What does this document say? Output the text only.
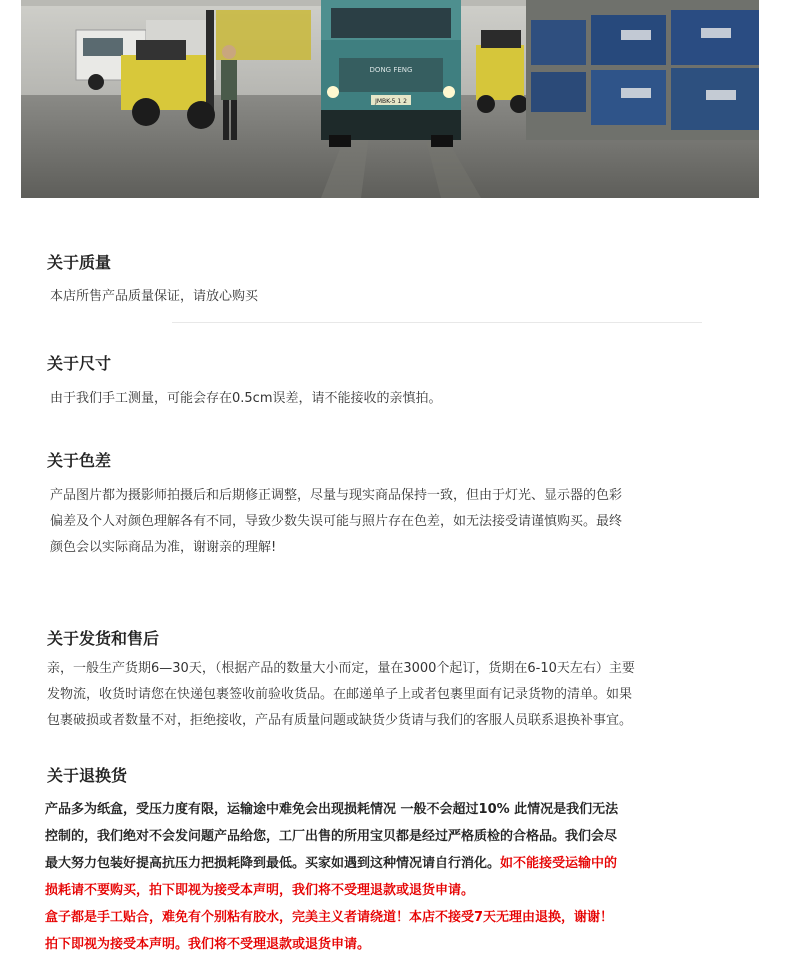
DONG FENG
JMBK-5 1 2
关于质量

本店所售产品质量保证，请放心购买

关于尺寸

由于我们手工测量，可能会存在0.5cm误差，请不能接收的亲慎拍。

关于色差

产品图片都为摄影师拍摄后和后期修正调整，尽量与现实商品保持一致，但由于灯光、显示器的色彩

偏差及个人对颜色理解各有不同，导致少数失误可能与照片存在色差，如无法接受请谨慎购买。最终

颜色会以实际商品为准，谢谢亲的理解!

关于发货和售后

亲，一般生产货期6—30天，（根据产品的数量大小而定，量在3000个起订，货期在6-10天左右）主要

发物流，收货时请您在快递包裹签收前验收货品。在邮递单子上或者包裹里面有记录货物的清单。如果

包裹破损或者数量不对，拒绝接收，产品有质量问题或缺货少货请与我们的客服人员联系退换补事宜。

关于退换货

产品多为纸盒，受压力度有限，运输途中难免会出现损耗情况 一般不会超过10% 此情况是我们无法

控制的，我们绝对不会发问题产品给您，工厂出售的所用宝贝都是经过严格质检的合格品。我们会尽

最大努力包装好提高抗压力把损耗降到最低。买家如遇到这种情况请自行消化。如不能接受运输中的

损耗请不要购买，拍下即视为接受本声明，我们将不受理退款或退货申请。

盒子都是手工贴合，难免有个别粘有胶水，完美主义者请绕道！本店不接受7天无理由退换，谢谢！

拍下即视为接受本声明。我们将不受理退款或退货申请。
